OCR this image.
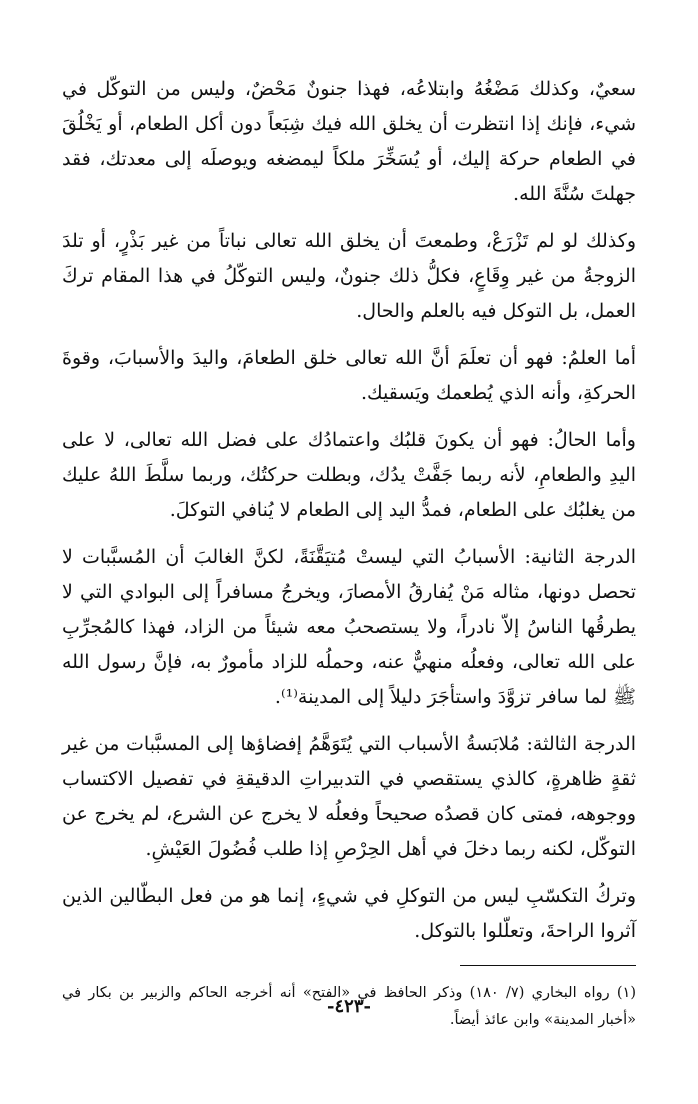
سعيٌ، وكذلك مَضْغُهُ وابتلاعُه، فهذا جنونٌ مَحْضٌ، وليس من التوكّل في شيء، فإنك إذا انتظرت أن يخلق الله فيك شِبَعاً دون أكل الطعام، أو يَخْلُقَ في الطعام حركة إليك، أو يُسَخِّرَ ملكاً ليمضغه ويوصلَه إلى معدتك، فقد جهلتَ سُنَّةَ الله.

وكذلك لو لم تَزْرَعْ، وطمعتَ أن يخلق الله تعالى نباتاً من غير بَذْرٍ، أو تلدَ الزوجةُ من غير وِقَاعٍ، فكلُّ ذلك جنونٌ، وليس التوكّلُ في هذا المقام تركَ العمل، بل التوكل فيه بالعلم والحال.

أما العلمُ: فهو أن تعلَمَ أنَّ الله تعالى خلق الطعامَ، واليدَ والأسبابَ، وقوةَ الحركةِ، وأنه الذي يُطعمك ويَسقيك.

وأما الحالُ: فهو أن يكونَ قلبُك واعتمادُك على فضل الله تعالى، لا على اليدِ والطعامِ، لأنه ربما جَفَّتْ يدُك، وبطلت حركتُك، وربما سلَّطَ اللهُ عليك من يغلبُك على الطعام، فمدُّ اليد إلى الطعام لا يُنافي التوكلَ.

الدرجة الثانية: الأسبابُ التي ليستْ مُتيَقَّنَةً، لكنَّ الغالبَ أن المُسبَّبات لا تحصل دونها، مثاله مَنْ يُفارقُ الأمصارَ، ويخرجُ مسافراً إلى البوادي التي لا يطرقُها الناسُ إلاّ نادراً، ولا يستصحبُ معه شيئاً من الزاد، فهذا كالمُجرِّبِ على الله تعالى، وفعلُه منهيٌّ عنه، وحملُه للزاد مأمورٌ به، فإنَّ رسول الله ﷺ لما سافر تزوَّدَ واستأجَرَ دليلاً إلى المدينة⁽¹⁾.

الدرجة الثالثة: مُلابَسةُ الأسباب التي يُتَوَهَّمُ إفضاؤها إلى المسبَّبات من غير ثقةٍ ظاهرةٍ، كالذي يستقصي في التدبيراتِ الدقيقةِ في تفصيل الاكتساب ووجوهه، فمتى كان قصدُه صحيحاً وفعلُه لا يخرج عن الشرع، لم يخرج عن التوكّل، لكنه ربما دخلَ في أهل الحِرْصِ إذا طلب فُضُولَ العَيْشِ.

وتركُ التكسّبِ ليس من التوكلِ في شيءٍ، إنما هو من فعل البطّالين الذين آثروا الراحةَ، وتعلّلوا بالتوكل.

(١) رواه البخاري (٧/ ١٨٠) وذكر الحافظ في «الفتح» أنه أخرجه الحاكم والزبير بن بكار في «أخبار المدينة» وابن عائذ أيضاً.

-٤٢٣-
